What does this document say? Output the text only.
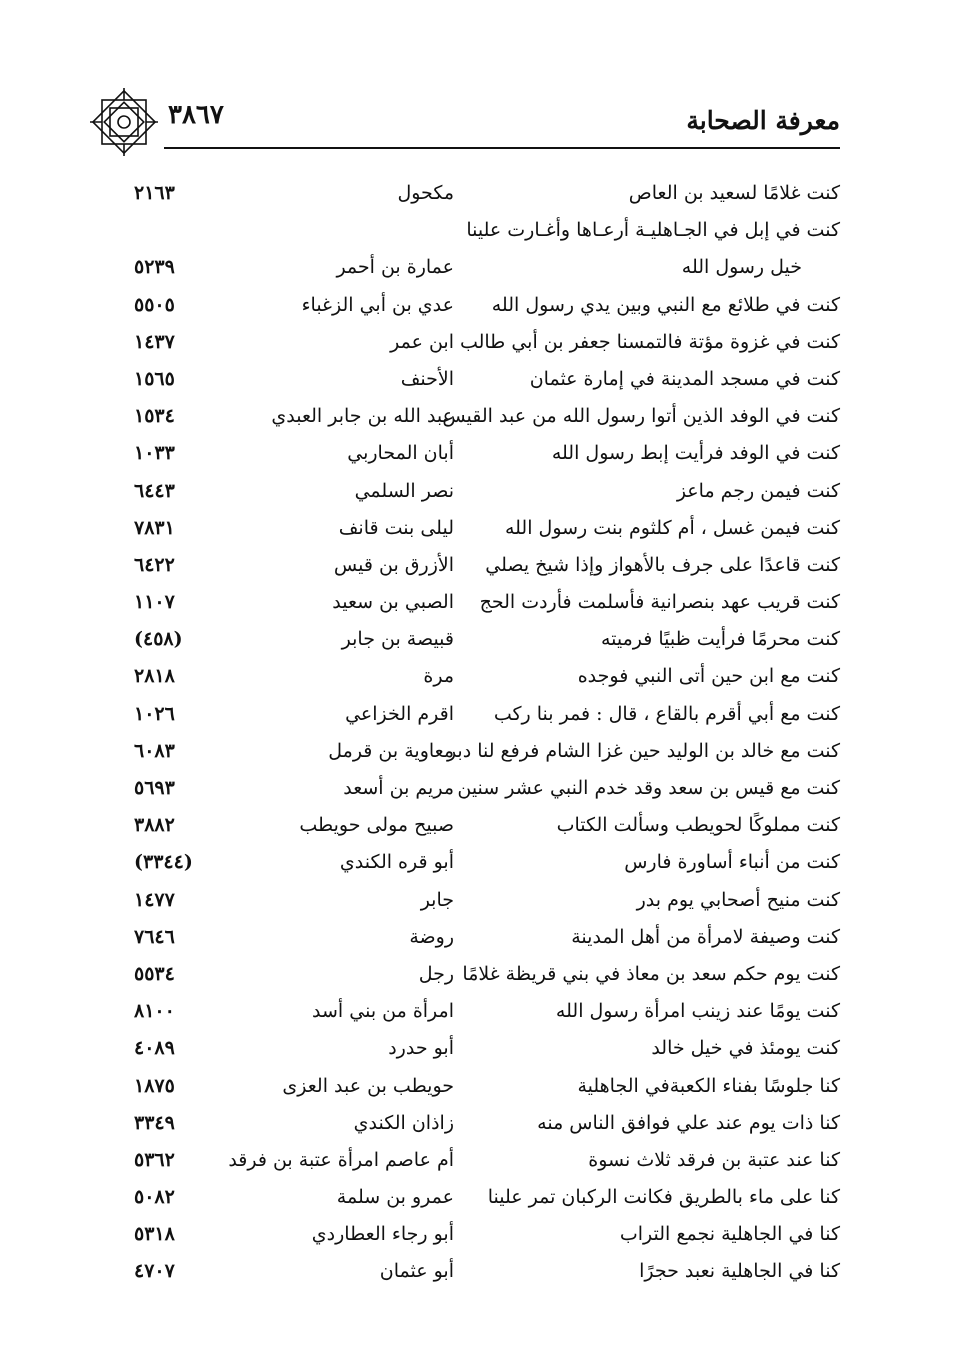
٣٨٦٧	معرفة الصحابة
كنت غلامًا لسعيد بن العاص
مكحول
٢١٦٣
كنت في إبل في الجـاهليـة أرعـاها وأغـارت علينا
خيل رسول الله
عمارة بن أحمر
٥٢٣٩
كنت في طلائع مع النبي وبين يدي رسول الله
عدي بن أبي الزغباء
٥٥٠٥
كنت في غزوة مؤتة فالتمسنا جعفر بن أبي طالب
ابن عمر
١٤٣٧
كنت في مسجد المدينة في إمارة عثمان
الأحنف
١٥٦٥
كنت في الوفد الذين أتوا رسول الله من عبد القيس
عبد الله بن جابر العبدي
١٥٣٤
كنت في الوفد فرأيت إبط رسول الله
أبان المحاربي
١٠٣٣
كنت فيمن رجم ماعز
نصر السلمي
٦٤٤٣
كنت فيمن غسل ، أم كلثوم بنت رسول الله
ليلى بنت قانف
٧٨٣١
كنت قاعدًا على جرف بالأهواز وإذا شيخ يصلي
الأزرق بن قيس
٦٤٢٢
كنت قريب عهد بنصرانية فأسلمت فأردت الحج
الصبي بن سعيد
١١٠٧
كنت محرمًا فرأيت ظبيًا فرميته
قبيصة بن جابر
(٤٥٨)
كنت مع ابن حين أتى النبي فوجده
مرة
٢٨١٨
كنت مع أبي أقرم بالقاع ، قال : فمر بنا ركب
اقرم الخزاعي
١٠٢٦
كنت مع خالد بن الوليد حين غزا الشام فرفع لنا دبر
معاوية بن قرمل
٦٠٨٣
كنت مع قيس بن سعد وقد خدم النبي عشر سنين
مريم بن أسعد
٥٦٩٣
كنت مملوكًا لحويطب وسألت الكتاب
صبيح مولى حويطب
٣٨٨٢
كنت من أنباء أساورة فارس
أبو قره الكندي
(٣٣٤٤)
كنت منيح أصحابي يوم بدر
جابر
١٤٧٧
كنت وصيفة لامرأة من أهل المدينة
روضة
٧٦٤٦
كنت يوم حكم سعد بن معاذ في بني قريظة غلامًا
رجل
٥٥٣٤
كنت يومًا عند زينب امرأة رسول الله
امرأة من بني أسد
٨١٠٠
كنت يومئذ في خيل خالد
أبو حدرد
٤٠٨٩
كنا جلوسًا بفناء الكعبةفي الجاهلية
حويطب بن عبد العزى
١٨٧٥
كنا ذات يوم عند علي فوافق الناس منه
زاذان الكندي
٣٣٤٩
كنا عند عتبة بن فرقد ثلاث نسوة
أم عاصم امرأة عتبة بن فرقد
٥٣٦٢
كنا على ماء بالطريق فكانت الركبان تمر علينا
عمرو بن سلمة
٥٠٨٢
كنا في الجاهلية نجمع التراب
أبو رجاء العطاردي
٥٣١٨
كنا في الجاهلية نعبد حجرًا
أبو عثمان
٤٧٠٧
